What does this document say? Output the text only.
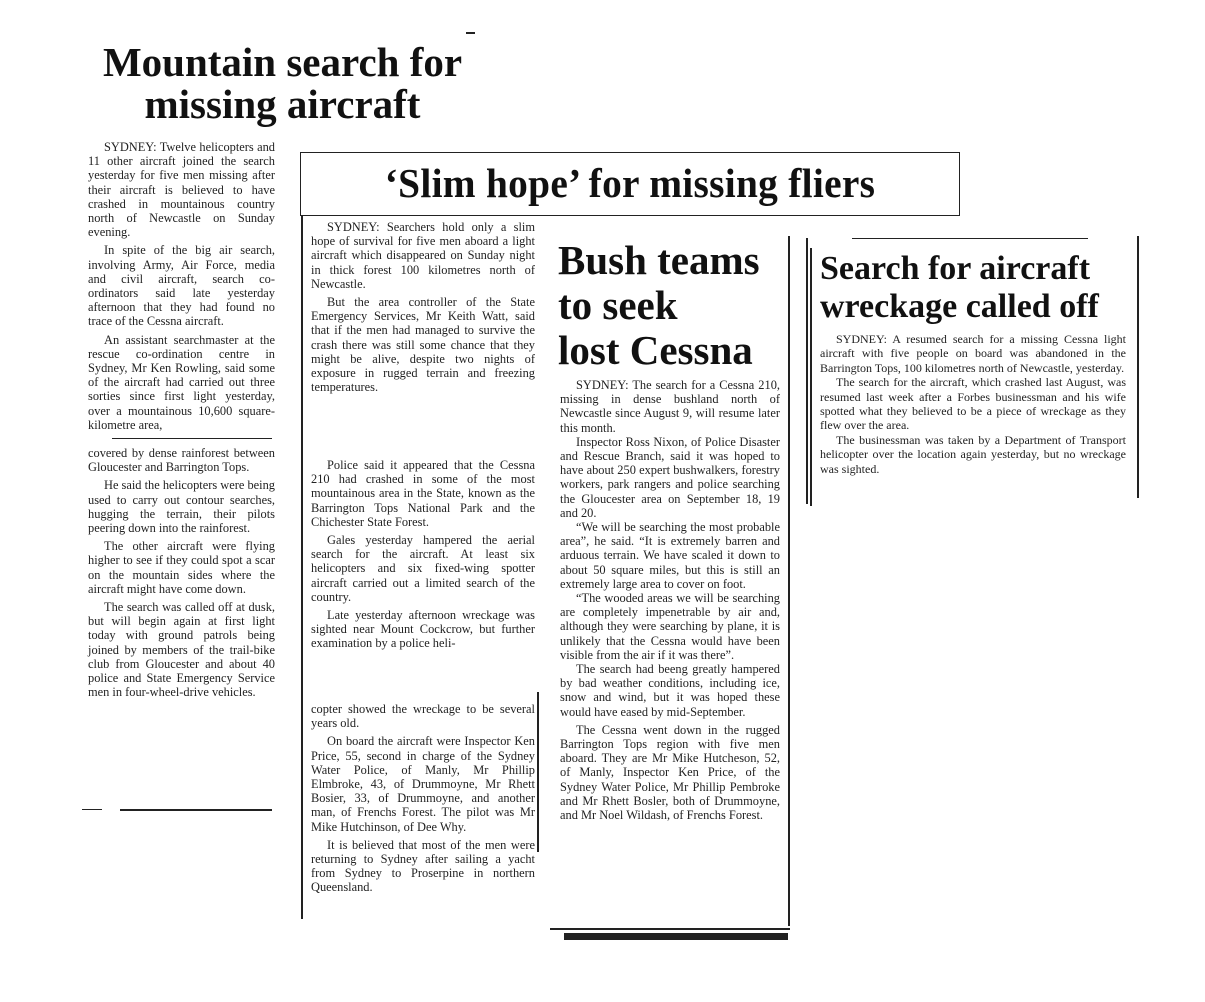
Mountain search for
missing aircraft

SYDNEY: Twelve helicopters and 11 other aircraft joined the search yesterday for five men missing after their aircraft is believed to have crashed in mountainous country north of Newcastle on Sunday evening.

In spite of the big air search, involving Army, Air Force, media and civil aircraft, search co-ordinators said late yesterday afternoon that they had found no trace of the Cessna aircraft.

An assistant searchmaster at the rescue co-ordination centre in Sydney, Mr Ken Rowling, said some of the aircraft had carried out three sorties since first light yesterday, over a mountainous 10,600 square-kilometre area,

covered by dense rainforest between Gloucester and Barrington Tops.

He said the helicopters were being used to carry out contour searches, hugging the terrain, their pilots peering down into the rainforest.

The other aircraft were flying higher to see if they could spot a scar on the mountain sides where the aircraft might have come down.

The search was called off at dusk, but will begin again at first light today with ground patrols being joined by members of the trail-bike club from Gloucester and about 40 police and State Emergency Service men in four-wheel-drive vehicles.

SYDNEY: Searchers hold only a slim hope of survival for five men aboard a light aircraft which disappeared on Sunday night in thick forest 100 kilometres north of Newcastle.

But the area controller of the State Emergency Services, Mr Keith Watt, said that if the men had managed to survive the crash there was still some chance that they might be alive, despite two nights of exposure in rugged terrain and freezing temperatures.

Police said it appeared that the Cessna 210 had crashed in some of the most mountainous area in the State, known as the Barrington Tops National Park and the Chichester State Forest.

Gales yesterday hampered the aerial search for the aircraft. At least six helicopters and six fixed-wing spotter aircraft carried out a limited search of the country.

Late yesterday afternoon wreckage was sighted near Mount Cockcrow, but further examination by a police heli-

copter showed the wreckage to be several years old.

On board the aircraft were Inspector Ken Price, 55, second in charge of the Sydney Water Police, of Manly, Mr Phillip Elmbroke, 43, of Drummoyne, Mr Rhett Bosier, 33, of Drummoyne, and another man, of Frenchs Forest. The pilot was Mr Mike Hutchinson, of Dee Why.

It is believed that most of the men were returning to Sydney after sailing a yacht from Sydney to Proserpine in northern Queensland.

‘Slim hope’ for missing fliers
Bush teams
to seek
lost Cessna

SYDNEY: The search for a Cessna 210, missing in dense bushland north of Newcastle since August 9, will resume later this month.

Inspector Ross Nixon, of Police Disaster and Rescue Branch, said it was hoped to have about 250 expert bushwalkers, forestry workers, park rangers and police searching the Gloucester area on September 18, 19 and 20.

“We will be searching the most probable area”, he said. “It is extremely barren and arduous terrain. We have scaled it down to about 50 square miles, but this is still an extremely large area to cover on foot.

“The wooded areas we will be searching are completely impenetrable by air and, although they were searching by plane, it is unlikely that the Cessna would have been visible from the air if it was there”.

The search had beeng greatly hampered by bad weather conditions, including ice, snow and wind, but it was hoped these would have eased by mid-September.

The Cessna went down in the rugged Barrington Tops region with five men aboard. They are Mr Mike Hutcheson, 52, of Manly, Inspector Ken Price, of the Sydney Water Police, Mr Phillip Pembroke and Mr Rhett Bosler, both of Drummoyne, and Mr Noel Wildash, of Frenchs Forest.

Search for aircraft
wreckage called off

SYDNEY: A resumed search for a missing Cessna light aircraft with five people on board was abandoned in the Barrington Tops, 100 kilometres north of Newcastle, yesterday.

The search for the aircraft, which crashed last August, was resumed last week after a Forbes businessman and his wife spotted what they believed to be a piece of wreckage as they flew over the area.

The businessman was taken by a Department of Transport helicopter over the location again yesterday, but no wreckage was sighted.
